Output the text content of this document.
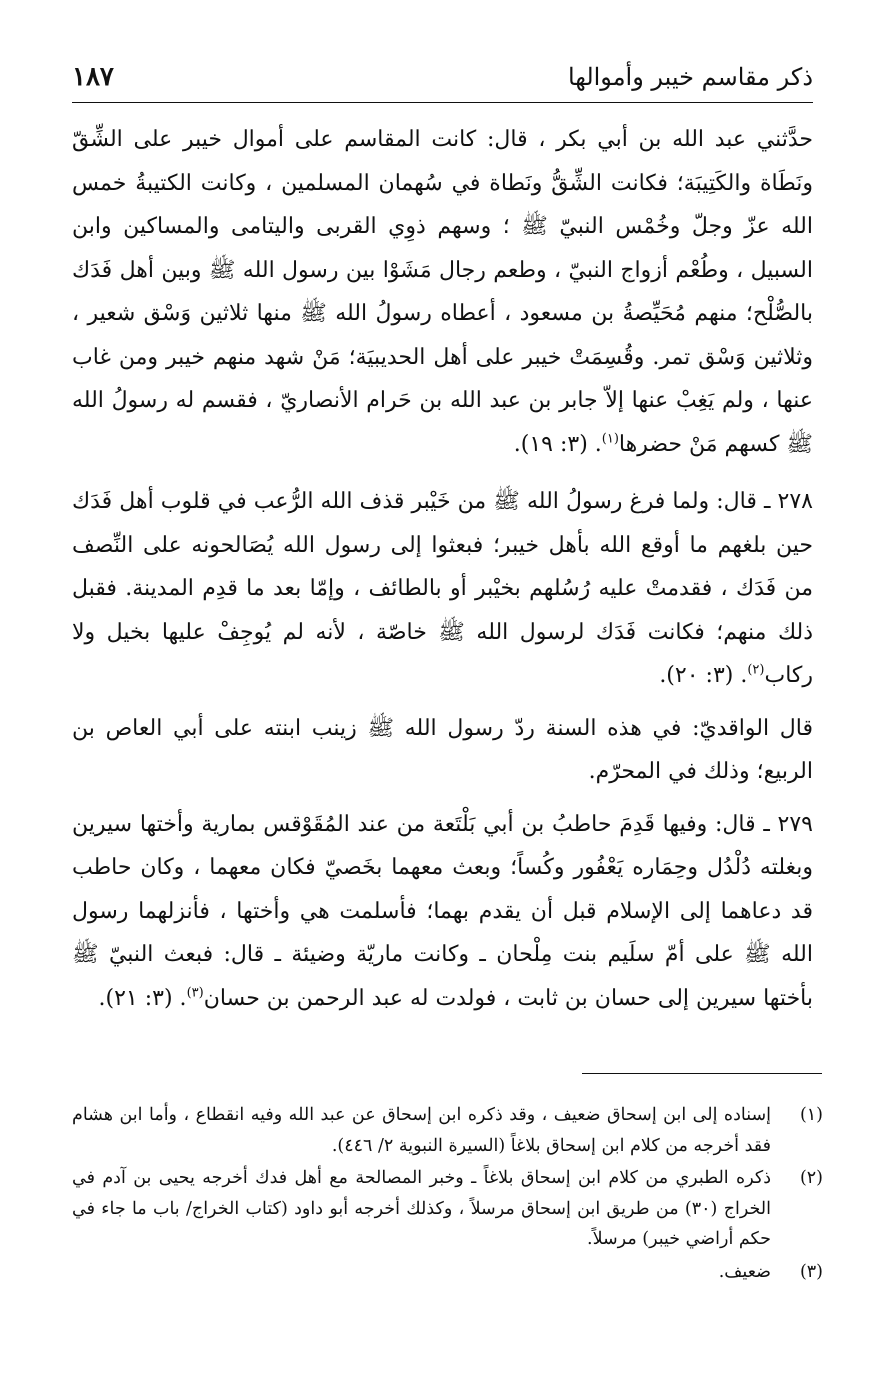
ذكر مقاسم خيبر وأموالها
١٨٧

حدَّثني عبد الله بن أبي بكر ، قال: كانت المقاسم على أموال خيبر على الشِّقّ ونَطَاة والكَتِيبَة؛ فكانت الشِّقُّ ونَطاة في سُهمان المسلمين ، وكانت الكتيبةُ خمس الله عزّ وجلّ وخُمْس النبيّ ﷺ ؛ وسهم ذوِي القربى واليتامى والمساكين وابن السبيل ، وطُعْم أزواج النبيّ ، وطعم رجال مَشَوْا بين رسول الله ﷺ وبين أهل فَدَك بالصُّلْح؛ منهم مُحَيِّصةُ بن مسعود ، أعطاه رسولُ الله ﷺ منها ثلاثين وَسْق شعير ، وثلاثين وَسْق تمر. وقُسِمَتْ خيبر على أهل الحديبيَة؛ مَنْ شهد منهم خيبر ومن غاب عنها ، ولم يَغِبْ عنها إلاّ جابر بن عبد الله بن حَرام الأنصاريّ ، فقسم له رسولُ الله ﷺ كسهم مَنْ حضرها$^{(١)}$. (٣: ١٩).

٢٧٨ ـ قال: ولما فرغ رسولُ الله ﷺ من خَيْبر قذف الله الرُّعب في قلوب أهل فَدَك حين بلغهم ما أوقع الله بأهل خيبر؛ فبعثوا إلى رسول الله يُصَالحونه على النِّصف من فَدَك ، فقدمتْ عليه رُسُلهم بخيْبر أو بالطائف ، وإمّا بعد ما قدِم المدينة. فقبل ذلك منهم؛ فكانت فَدَك لرسول الله ﷺ خاصّة ، لأنه لم يُوجِفْ عليها بخيل ولا ركاب$^{(٢)}$. (٣: ٢٠).

قال الواقديّ: في هذه السنة ردّ رسول الله ﷺ زينب ابنته على أبي العاص بن الربيع؛ وذلك في المحرّم.

٢٧٩ ـ قال: وفيها قَدِمَ حاطبُ بن أبي بَلْتَعة من عند المُقَوْقس بمارية وأختها سيرين وبغلته دُلْدُل وحِمَاره يَعْفُور وكُساً؛ وبعث معهما بخَصيّ فكان معهما ، وكان حاطب قد دعاهما إلى الإسلام قبل أن يقدم بهما؛ فأسلمت هي وأختها ، فأنزلهما رسول الله ﷺ على أمّ سلَيم بنت مِلْحان ـ وكانت ماريّة وضيئة ـ قال: فبعث النبيّ ﷺ بأختها سيرين إلى حسان بن ثابت ، فولدت له عبد الرحمن بن حسان$^{(٣)}$. (٣: ٢١).

(١)
إسناده إلى ابن إسحاق ضعيف ، وقد ذكره ابن إسحاق عن عبد الله وفيه انقطاع ، وأما ابن هشام فقد أخرجه من كلام ابن إسحاق بلاغاً (السيرة النبوية ٢/ ٤٤٦).
(٢)
ذكره الطبري من كلام ابن إسحاق بلاغاً ـ وخبر المصالحة مع أهل فدك أخرجه يحيى بن آدم في الخراج (٣٠) من طريق ابن إسحاق مرسلاً ، وكذلك أخرجه أبو داود (كتاب الخراج/ باب ما جاء في حكم أراضي خيبر) مرسلاً.
(٣)
ضعيف.
